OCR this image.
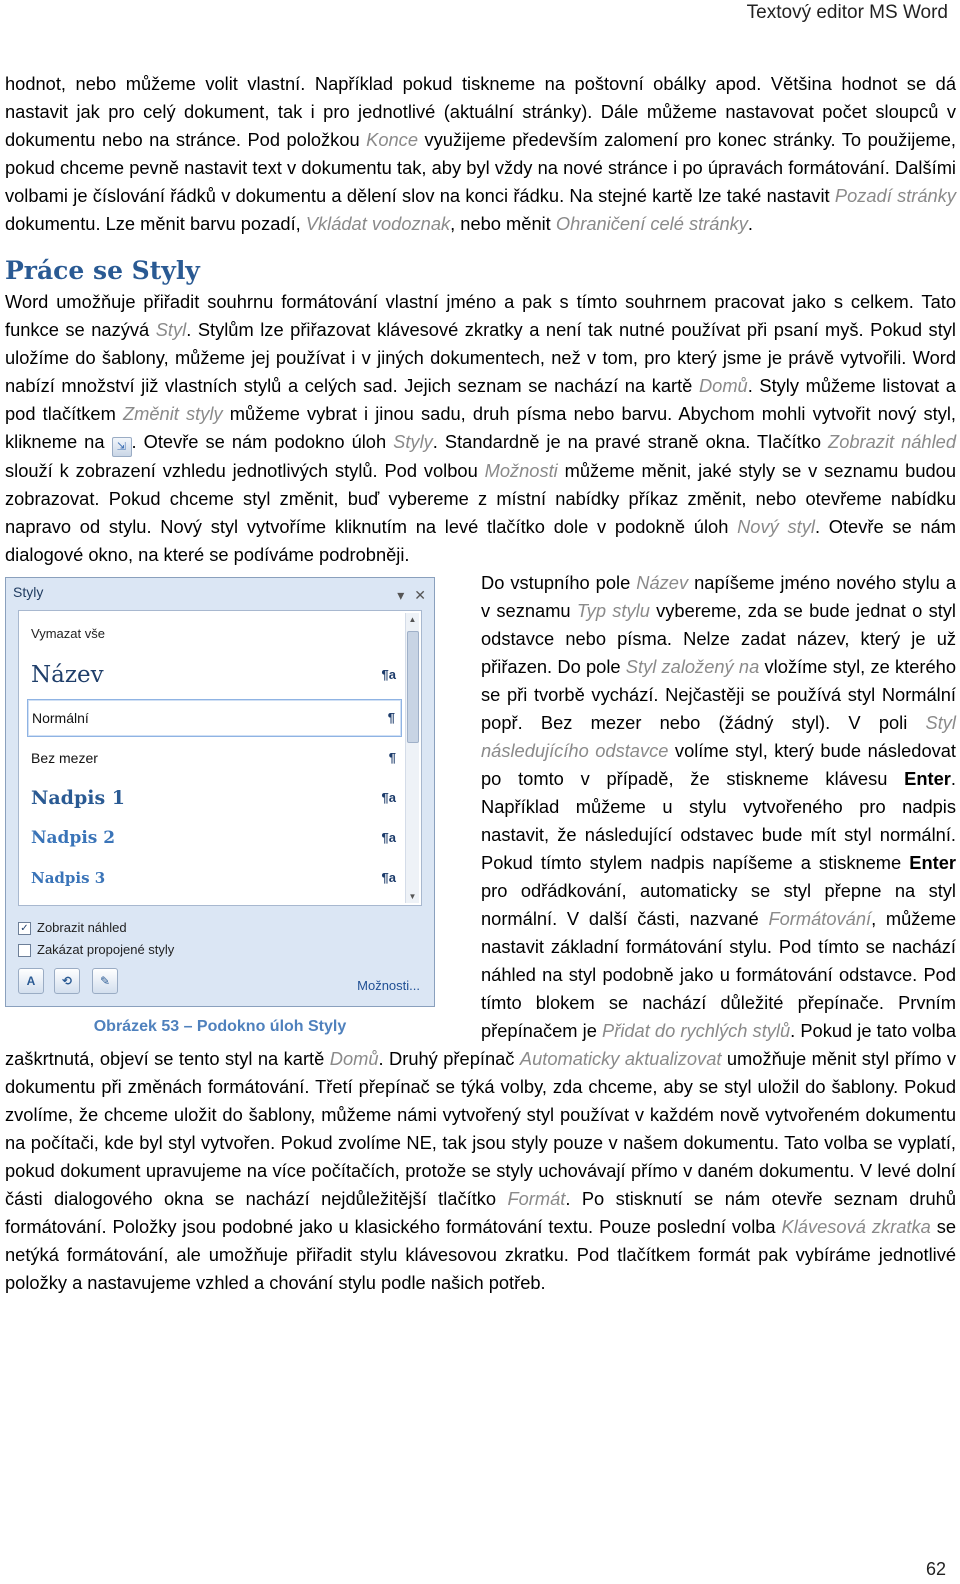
Textový editor MS Word

hodnot, nebo můžeme volit vlastní. Například pokud tiskneme na poštovní obálky apod. Většina hodnot se dá nastavit jak pro celý dokument, tak i pro jednotlivé (aktuální stránky). Dále můžeme nastavovat počet sloupců v dokumentu nebo na stránce. Pod položkou Konce využijeme především zalomení pro konec stránky. To použijeme, pokud chceme pevně nastavit text v dokumentu tak, aby byl vždy na nové stránce i po úpravách formátování. Dalšími volbami je číslování řádků v dokumentu a dělení slov na konci řádku. Na stejné kartě lze také nastavit Pozadí stránky dokumentu. Lze měnit barvu pozadí, Vkládat vodoznak, nebo měnit Ohraničení celé stránky.

Práce se Styly

Word umožňuje přiřadit souhrnu formátování vlastní jméno a pak s tímto souhrnem pracovat jako s celkem. Tato funkce se nazývá Styl. Stylům lze přiřazovat klávesové zkratky a není tak nutné používat při psaní myš. Pokud styl uložíme do šablony, můžeme jej používat i v jiných dokumentech, než v tom, pro který jsme je právě vytvořili. Word nabízí množství již vlastních stylů a celých sad. Jejich seznam se nachází na kartě Domů. Styly můžeme listovat a pod tlačítkem Změnit styly můžeme vybrat i jinou sadu, druh písma nebo barvu. Abychom mohli vytvořit nový styl, klikneme na ⇲ . Otevře se nám podokno úloh Styly. Standardně je na pravé straně okna. Tlačítko Zobrazit náhled slouží k zobrazení vzhledu jednotlivých stylů. Pod volbou Možnosti můžeme měnit, jaké styly se v seznamu budou zobrazovat. Pokud chceme styl změnit, buď vybereme z místní nabídky příkaz změnit, nebo otevřeme nabídku napravo od stylu. Nový styl vytvoříme kliknutím na levé tlačítko dole v podokně úloh Nový styl. Otevře se nám dialogové okno, na které se podíváme podrobněji.

Styly	▾ ✕
Vymazat vše
Název	¶a
Normální	¶
Bez mezer	¶
Nadpis 1	¶a
Nadpis 2	¶a
Nadpis 3	¶a
▲
▼
✓ Zobrazit náhled
Zakázat propojené styly
A	⟲	✎	Možnosti...
Obrázek 53 – Podokno úloh Styly

Do vstupního pole Název napíšeme jméno nového stylu a v seznamu Typ stylu vybereme, zda se bude jednat o styl odstavce nebo písma. Nelze zadat název, který je už přiřazen. Do pole Styl založený na vložíme styl, ze kterého se při tvorbě vychází. Nejčastěji se používá styl Normální popř. Bez mezer nebo (žádný styl). V poli Styl následujícího odstavce volíme styl, který bude následovat po tomto v případě, že stiskneme klávesu Enter. Například můžeme u stylu vytvořeného pro nadpis nastavit, že následující odstavec bude mít styl normální. Pokud tímto stylem nadpis napíšeme a stiskneme Enter pro odřádkování, automaticky se styl přepne na styl normální. V další části, nazvané Formátování, můžeme nastavit základní formátování stylu. Pod tímto se nachází náhled na styl podobně jako u formátování odstavce. Pod tímto blokem se nachází důležité přepínače. Prvním přepínačem je Přidat do rychlých stylů. Pokud je tato volba zaškrtnutá, objeví se tento styl na kartě Domů. Druhý přepínač Automaticky aktualizovat umožňuje měnit styl přímo v dokumentu při změnách formátování. Třetí přepínač se týká volby, zda chceme, aby se styl uložil do šablony. Pokud zvolíme, že chceme uložit do šablony, můžeme námi vytvořený styl používat v každém nově vytvořeném dokumentu na počítači, kde byl styl vytvořen. Pokud zvolíme NE, tak jsou styly pouze v našem dokumentu. Tato volba se vyplatí, pokud dokument upravujeme na více počítačích, protože se styly uchovávají přímo v daném dokumentu. V levé dolní části dialogového okna se nachází nejdůležitější tlačítko Formát. Po stisknutí se nám otevře seznam druhů formátování. Položky jsou podobné jako u klasického formátování textu. Pouze poslední volba Klávesová zkratka se netýká formátování, ale umožňuje přiřadit stylu klávesovou zkratku. Pod tlačítkem formát pak vybíráme jednotlivé položky a nastavujeme vzhled a chování stylu podle našich potřeb.

62
